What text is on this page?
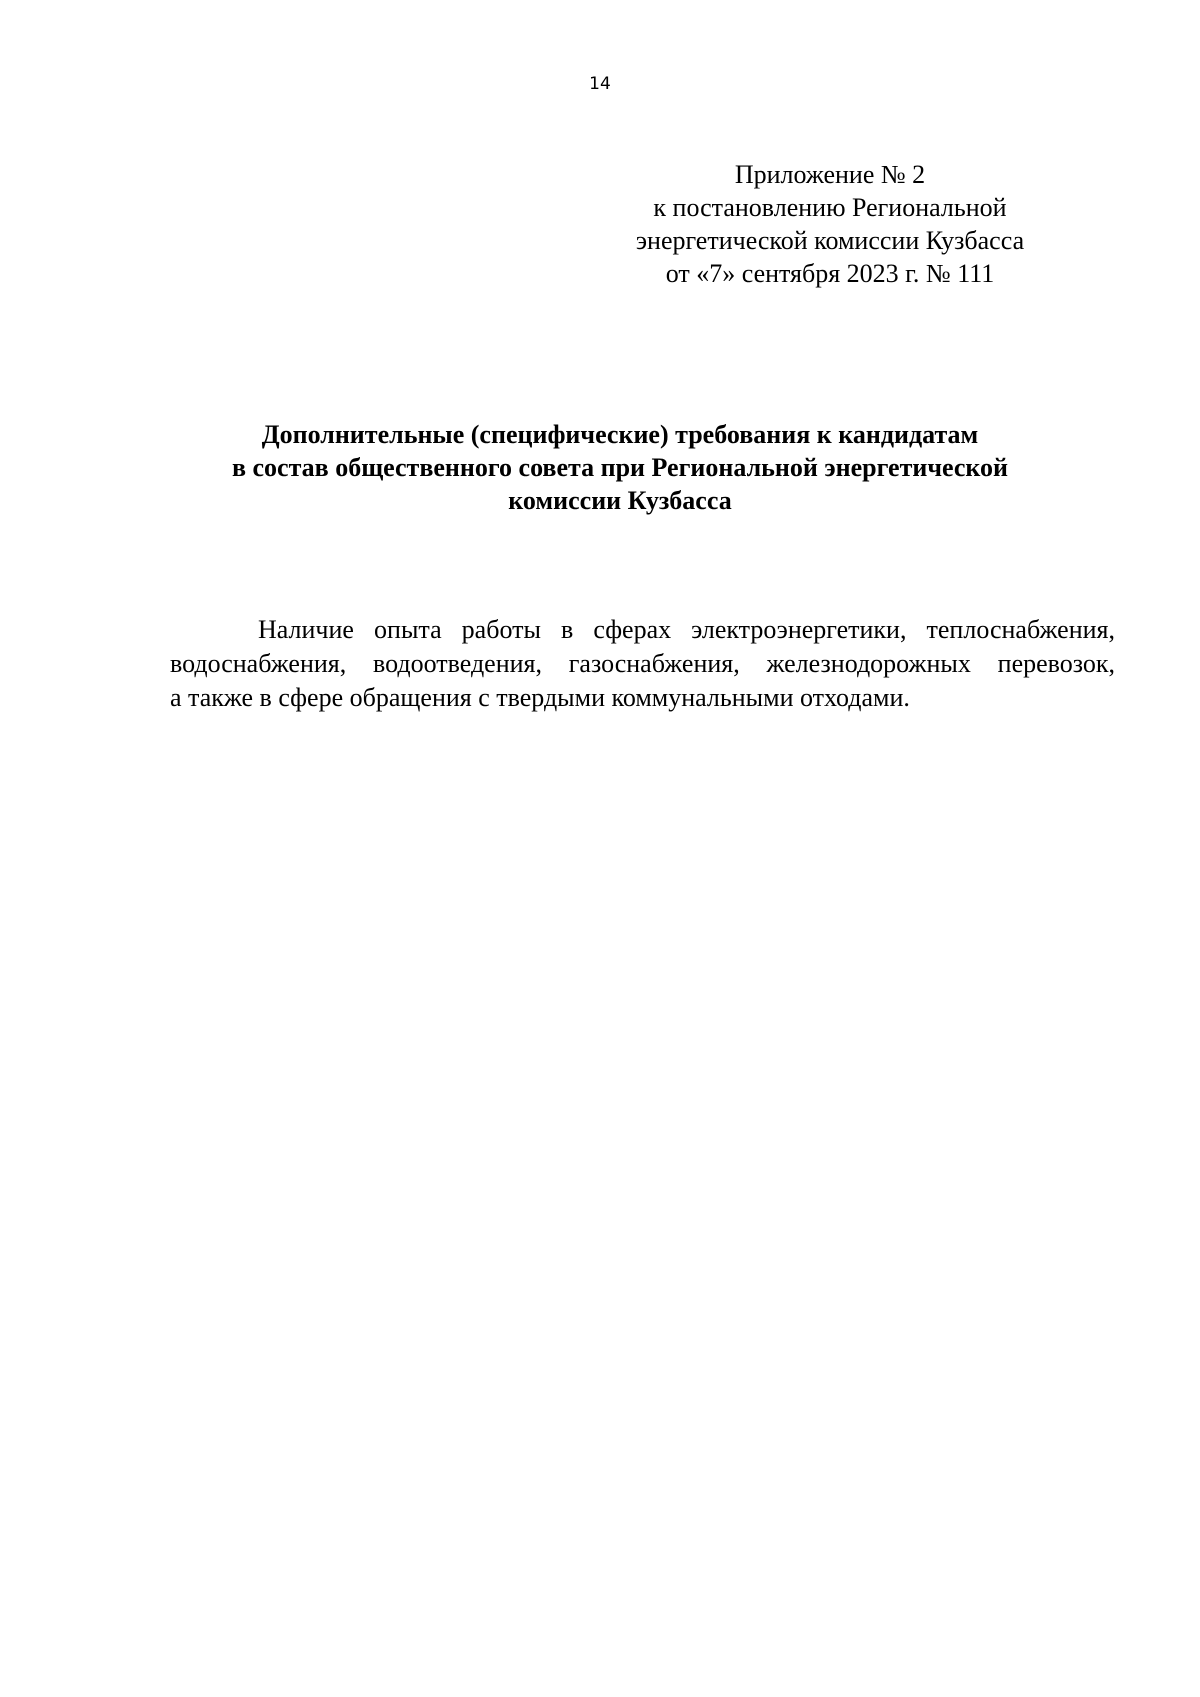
14
Приложение № 2
к постановлению Региональной
энергетической комиссии Кузбасса
от «7» сентября 2023 г. № 111
Дополнительные (специфические) требования к кандидатам
в состав общественного совета при Региональной энергетической
комиссии Кузбасса
Наличие опыта работы в сферах электроэнергетики, теплоснабжения,
водоснабжения, водоотведения, газоснабжения, железнодорожных перевозок,
а также в сфере обращения с твердыми коммунальными отходами.
